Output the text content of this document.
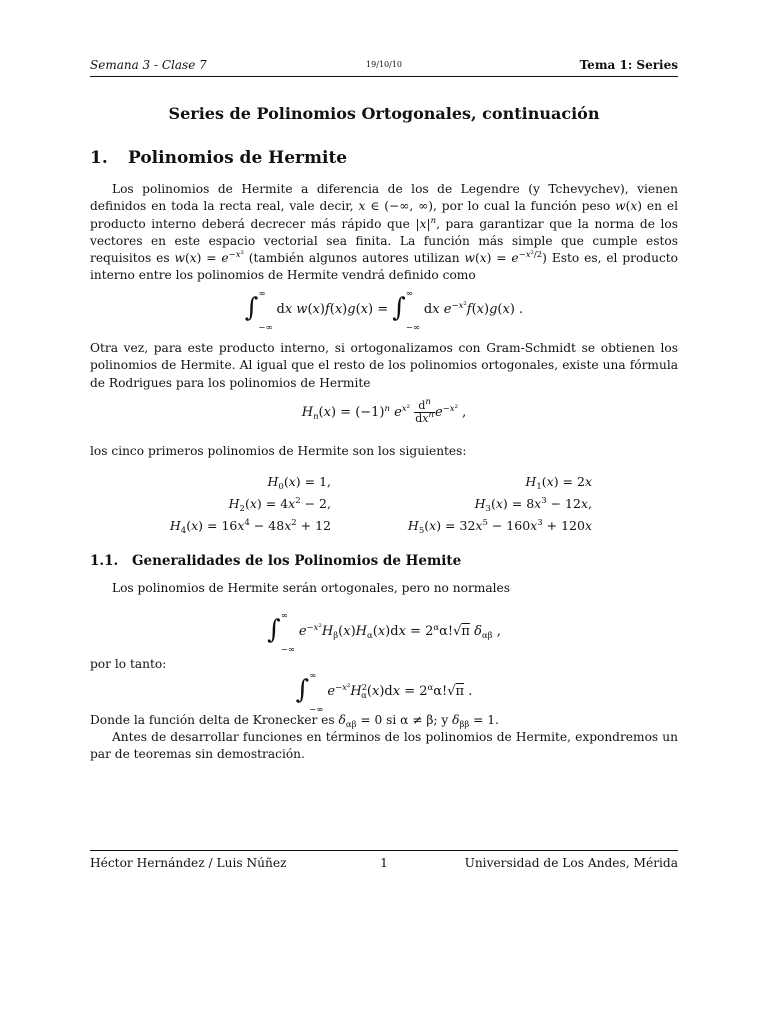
Semana 3 - Clase 7	19/10/10	Tema 1: Series
Series de Polinomios Ortogonales, continuación
1. Polinomios de Hermite
Los polinomios de Hermite a diferencia de los de Legendre (y Tchevychev), vienen definidos en toda la recta real, vale decir, x ∈ (−∞, ∞), por lo cual la función peso w(x) en el producto interno deberá decrecer más rápido que $|x|^n$, para garantizar que la norma de los vectores en este espacio vectorial sea finita. La función más simple que cumple estos requisitos es $w(x) = e^{-x^2}$ (también algunos autores utilizan $w(x) = e^{-x^2/2}$) Esto es, el producto interno entre los polinomios de Hermite vendrá definido como
∫ ∞
−∞
dx w(x)f(x)g(x) = ∫ ∞
−∞
dx $e^{-x^2}f(x)g(x)$ .
Otra vez, para este producto interno, si ortogonalizamos con Gram-Schmidt se obtienen los polinomios de Hermite. Al igual que el resto de los polinomios ortogonales, existe una fórmula de Rodrigues para los polinomios de Hermite
$H_n(x) = (-1)^n$ $e^{x^2} \frac{d^n}{dx^n} e^{-x^2}$ ,
los cinco primeros polinomios de Hermite son los siguientes:
$H_0(x) = 1$,	$H_1(x) = 2x$
$H_2(x) = 4x^2 - 2$,	$H_3(x) = 8x^3 - 12x$,
$H_4(x) = 16x^4 - 48x^2 + 12$	$H_5(x) = 32x^5 - 160x^3 + 120x$
1.1. Generalidades de los Polinomios de Hemite
Los polinomios de Hermite serán ortogonales, pero no normales
∫ ∞
−∞
$e^{-x^2}H_\beta(x)H_\alpha(x)dx = 2^\alpha\alpha!√\pi$ $\delta_{\alpha\beta}$ ,
por lo tanto:
∫ ∞
−∞
$e^{-x^2}H^2_\alpha(x)dx = 2^\alpha\alpha!√\pi$ .
Donde la función delta de Kronecker es $\delta_{\alpha\beta} = 0$ si α ≠ β; y $\delta_{\beta\beta} = 1$.
Antes de desarrollar funciones en términos de los polinomios de Hermite, expondremos un par de teoremas sin demostración.
Héctor Hernández / Luis Núñez	1	Universidad de Los Andes, Mérida
